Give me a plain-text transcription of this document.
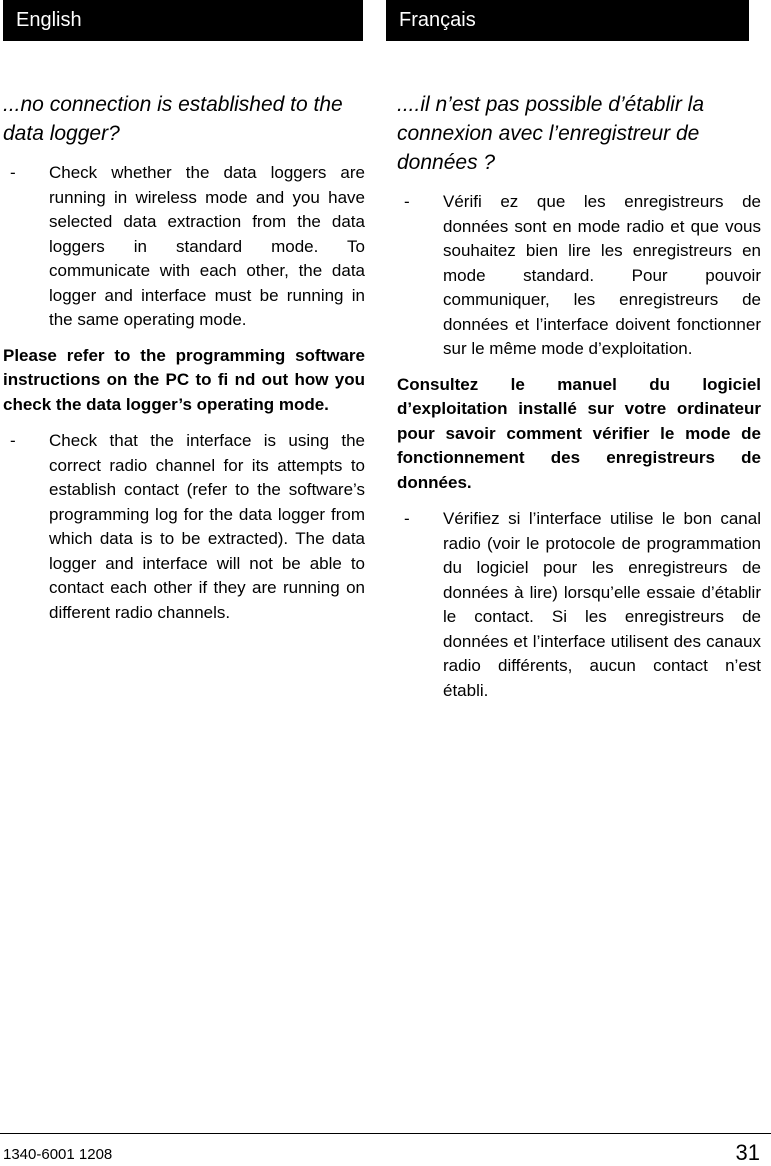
English	Français

...no connection is established to the data logger?

-	Check whether the data loggers are running in wireless mode and you have selected data extraction from the data loggers in standard mode. To communicate with each other, the data logger and interface must be running in the same operating mode.

Please refer to the programming software instructions on the PC to fi nd out how you check the data logger’s operating mode.

-	Check that the interface is using the correct radio channel for its attempts to establish contact (refer to the software’s programming log for the data logger from which data is to be extracted). The data logger and interface will not be able to contact each other if they are running on different radio channels.

....il n’est pas possible d’établir la connexion avec l’enregistreur de données ?

-	Vérifi ez que les enregistreurs de données sont en mode radio et que vous souhaitez bien lire les enregistreurs en mode standard. Pour pouvoir communiquer, les enregistreurs de données et l’interface doivent fonctionner sur le même mode d’exploitation.

Consultez le manuel du logiciel d’exploitation installé sur votre ordinateur pour savoir comment vérifier le mode de fonctionnement des enregistreurs de données.

-	Vérifiez si l’interface utilise le bon canal radio (voir le protocole de programmation du logiciel pour les enregistreurs de données à lire) lorsqu’elle essaie d’établir le contact. Si les enregistreurs de données et l’interface utilisent des canaux radio différents, aucun contact n’est établi.
1340-6001 1208	31
